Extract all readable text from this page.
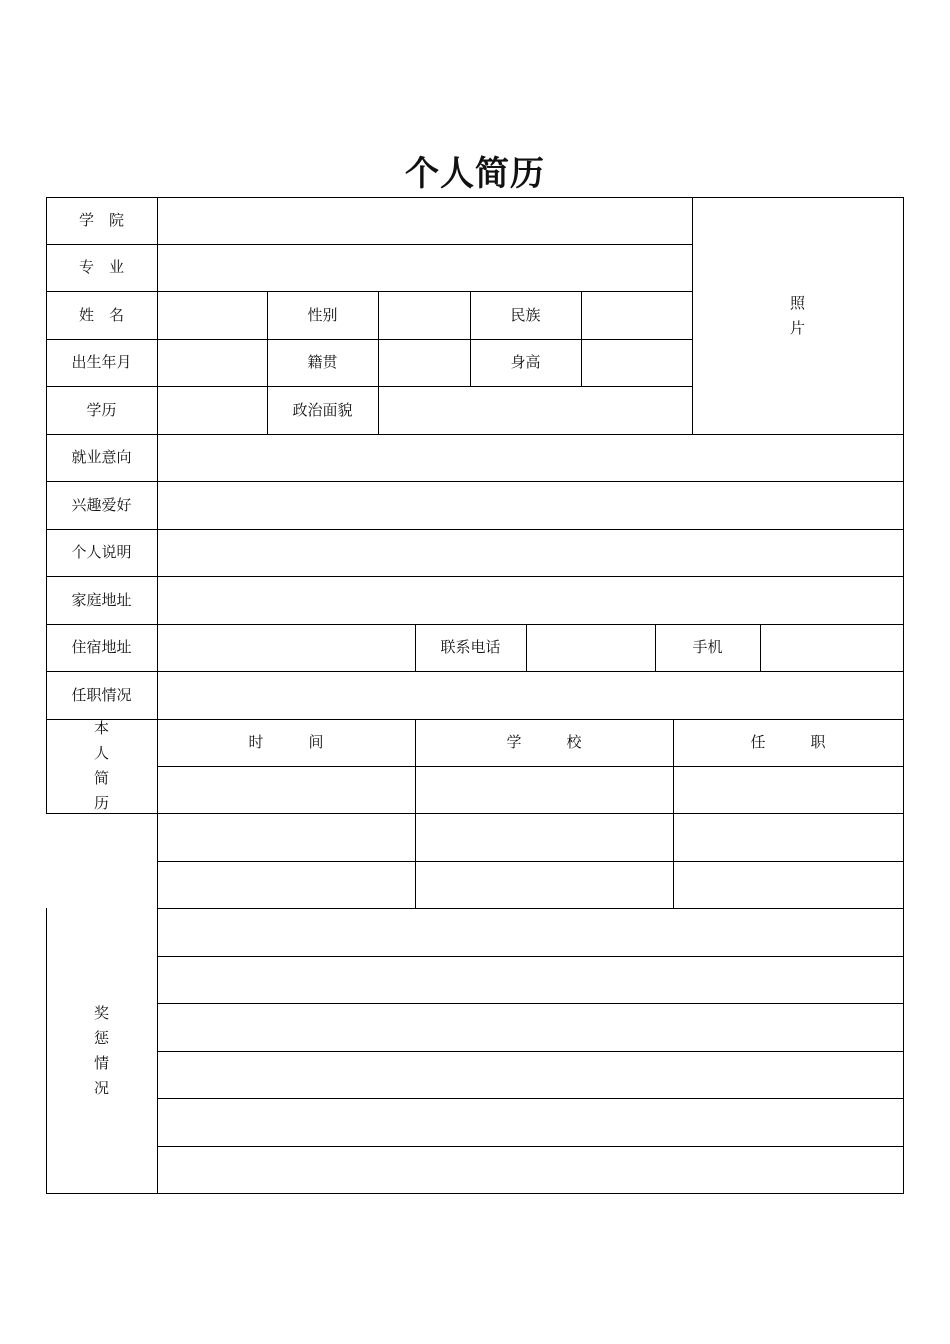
个人简历
学　院
专　业
姓　名	性别	民族
照
片
出生年月	籍贯	身高
学历	政治面貌
就业意向
兴趣爱好
个人说明
家庭地址
住宿地址	联系电话	手机
任职情况
本
人
简
历
时　　　间	学　　　校	任　　　职
奖
惩
情
况
